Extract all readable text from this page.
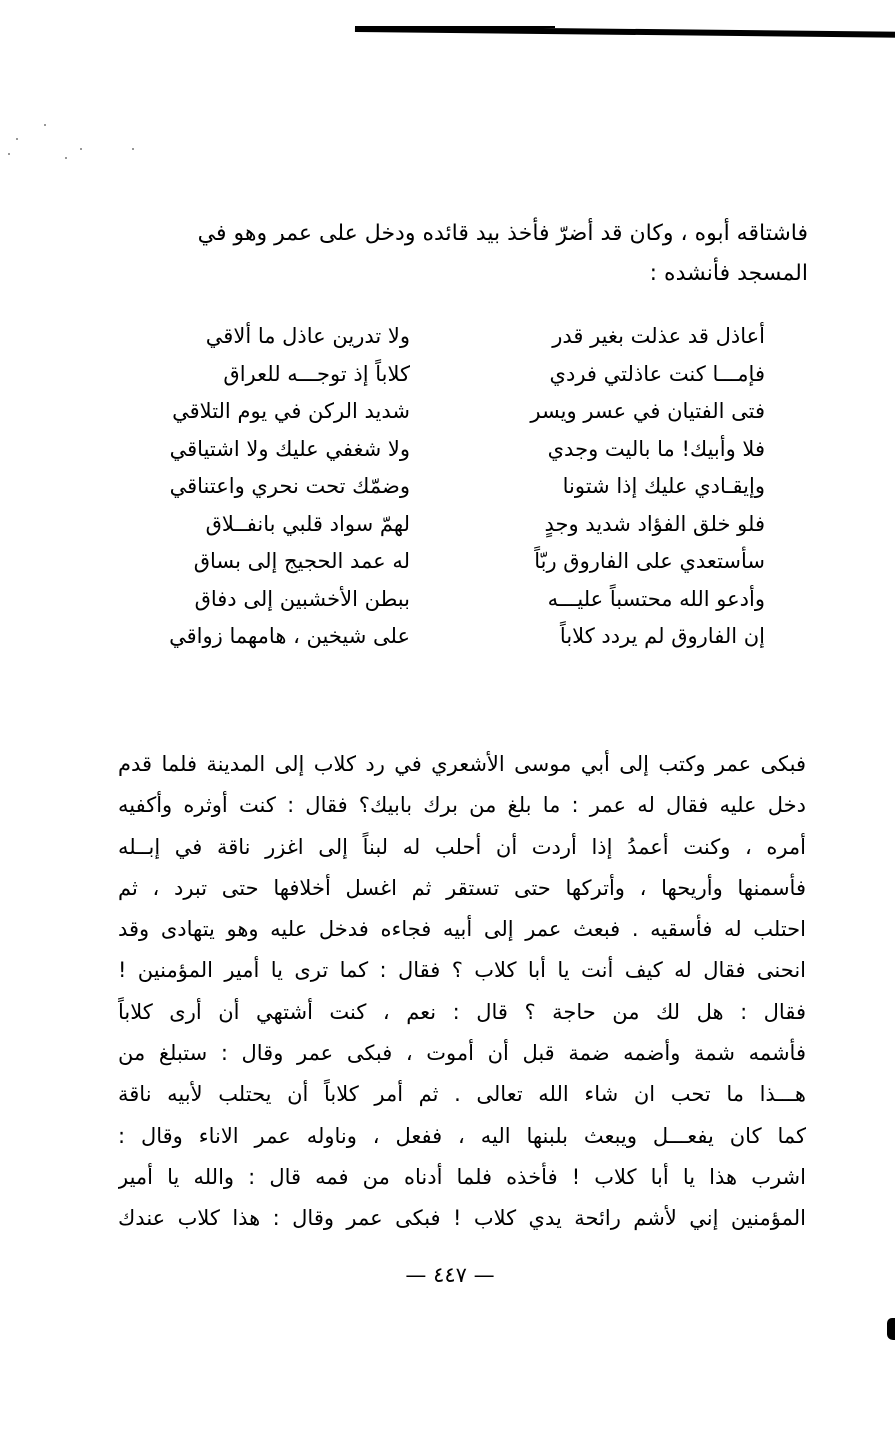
فاشتاقه أبوه ، وكان قد أضرّ فأخذ بيد قائده ودخل على عمر وهو في

المسجد فأنشده :

أعاذل قد عذلت بغير قدر
ولا تدرين عاذل ما ألاقي
فإمـــا كنت عاذلتي فردي
كلاباً إذ توجـــه للعراق
فتى الفتيان في عسر ويسر
شديد الركن في يوم التلاقي
فلا وأبيك! ما باليت وجدي
ولا شغفي عليك ولا اشتياقي
وإيقـادي عليك إذا شتونا
وضمّك تحت نحري واعتناقي
فلو خلق الفؤاد شديد وجدٍ
لهمّ سواد قلبي بانفــلاق
سأستعدي على الفاروق ربّاً
له عمد الحجيج إلى بساق
وأدعو الله محتسباً عليـــه
ببطن الأخشبين إلى دفاق
إن الفاروق لم يردد كلاباً
على شيخين ، هامهما زواقي
فبكى عمر وكتب إلى أبي موسى الأشعري في رد كلاب إلى المدينة فلما قدم
دخل عليه فقال له عمر : ما بلغ من برك بابيك؟ فقال : كنت أوثره وأكفيه
أمره ، وكنت أعمدُ إذا أردت أن أحلب له لبناً إلى اغزر ناقة في إبــله
فأسمنها وأريحها ، وأتركها حتى تستقر ثم اغسل أخلافها حتى تبرد ، ثم
احتلب له فأسقيه . فبعث عمر إلى أبيه فجاءه فدخل عليه وهو يتهادى وقد
انحنى فقال له كيف أنت يا أبا كلاب ؟ فقال : كما ترى يا أمير المؤمنين !
فقال : هل لك من حاجة ؟ قال : نعم ، كنت أشتهي أن أرى كلاباً
فأشمه شمة وأضمه ضمة قبل أن أموت ، فبكى عمر وقال : ستبلغ من
هـــذا ما تحب ان شاء الله تعالى . ثم أمر كلاباً أن يحتلب لأبيه ناقة
كما كان يفعـــل ويبعث بلبنها اليه ، ففعل ، وناوله عمر الاناء وقال :
اشرب هذا يا أبا كلاب ! فأخذه فلما أدناه من فمه قال : والله يا أمير
المؤمنين إني لأشم رائحة يدي كلاب ! فبكى عمر وقال : هذا كلاب عندك
— ٤٤٧ —
